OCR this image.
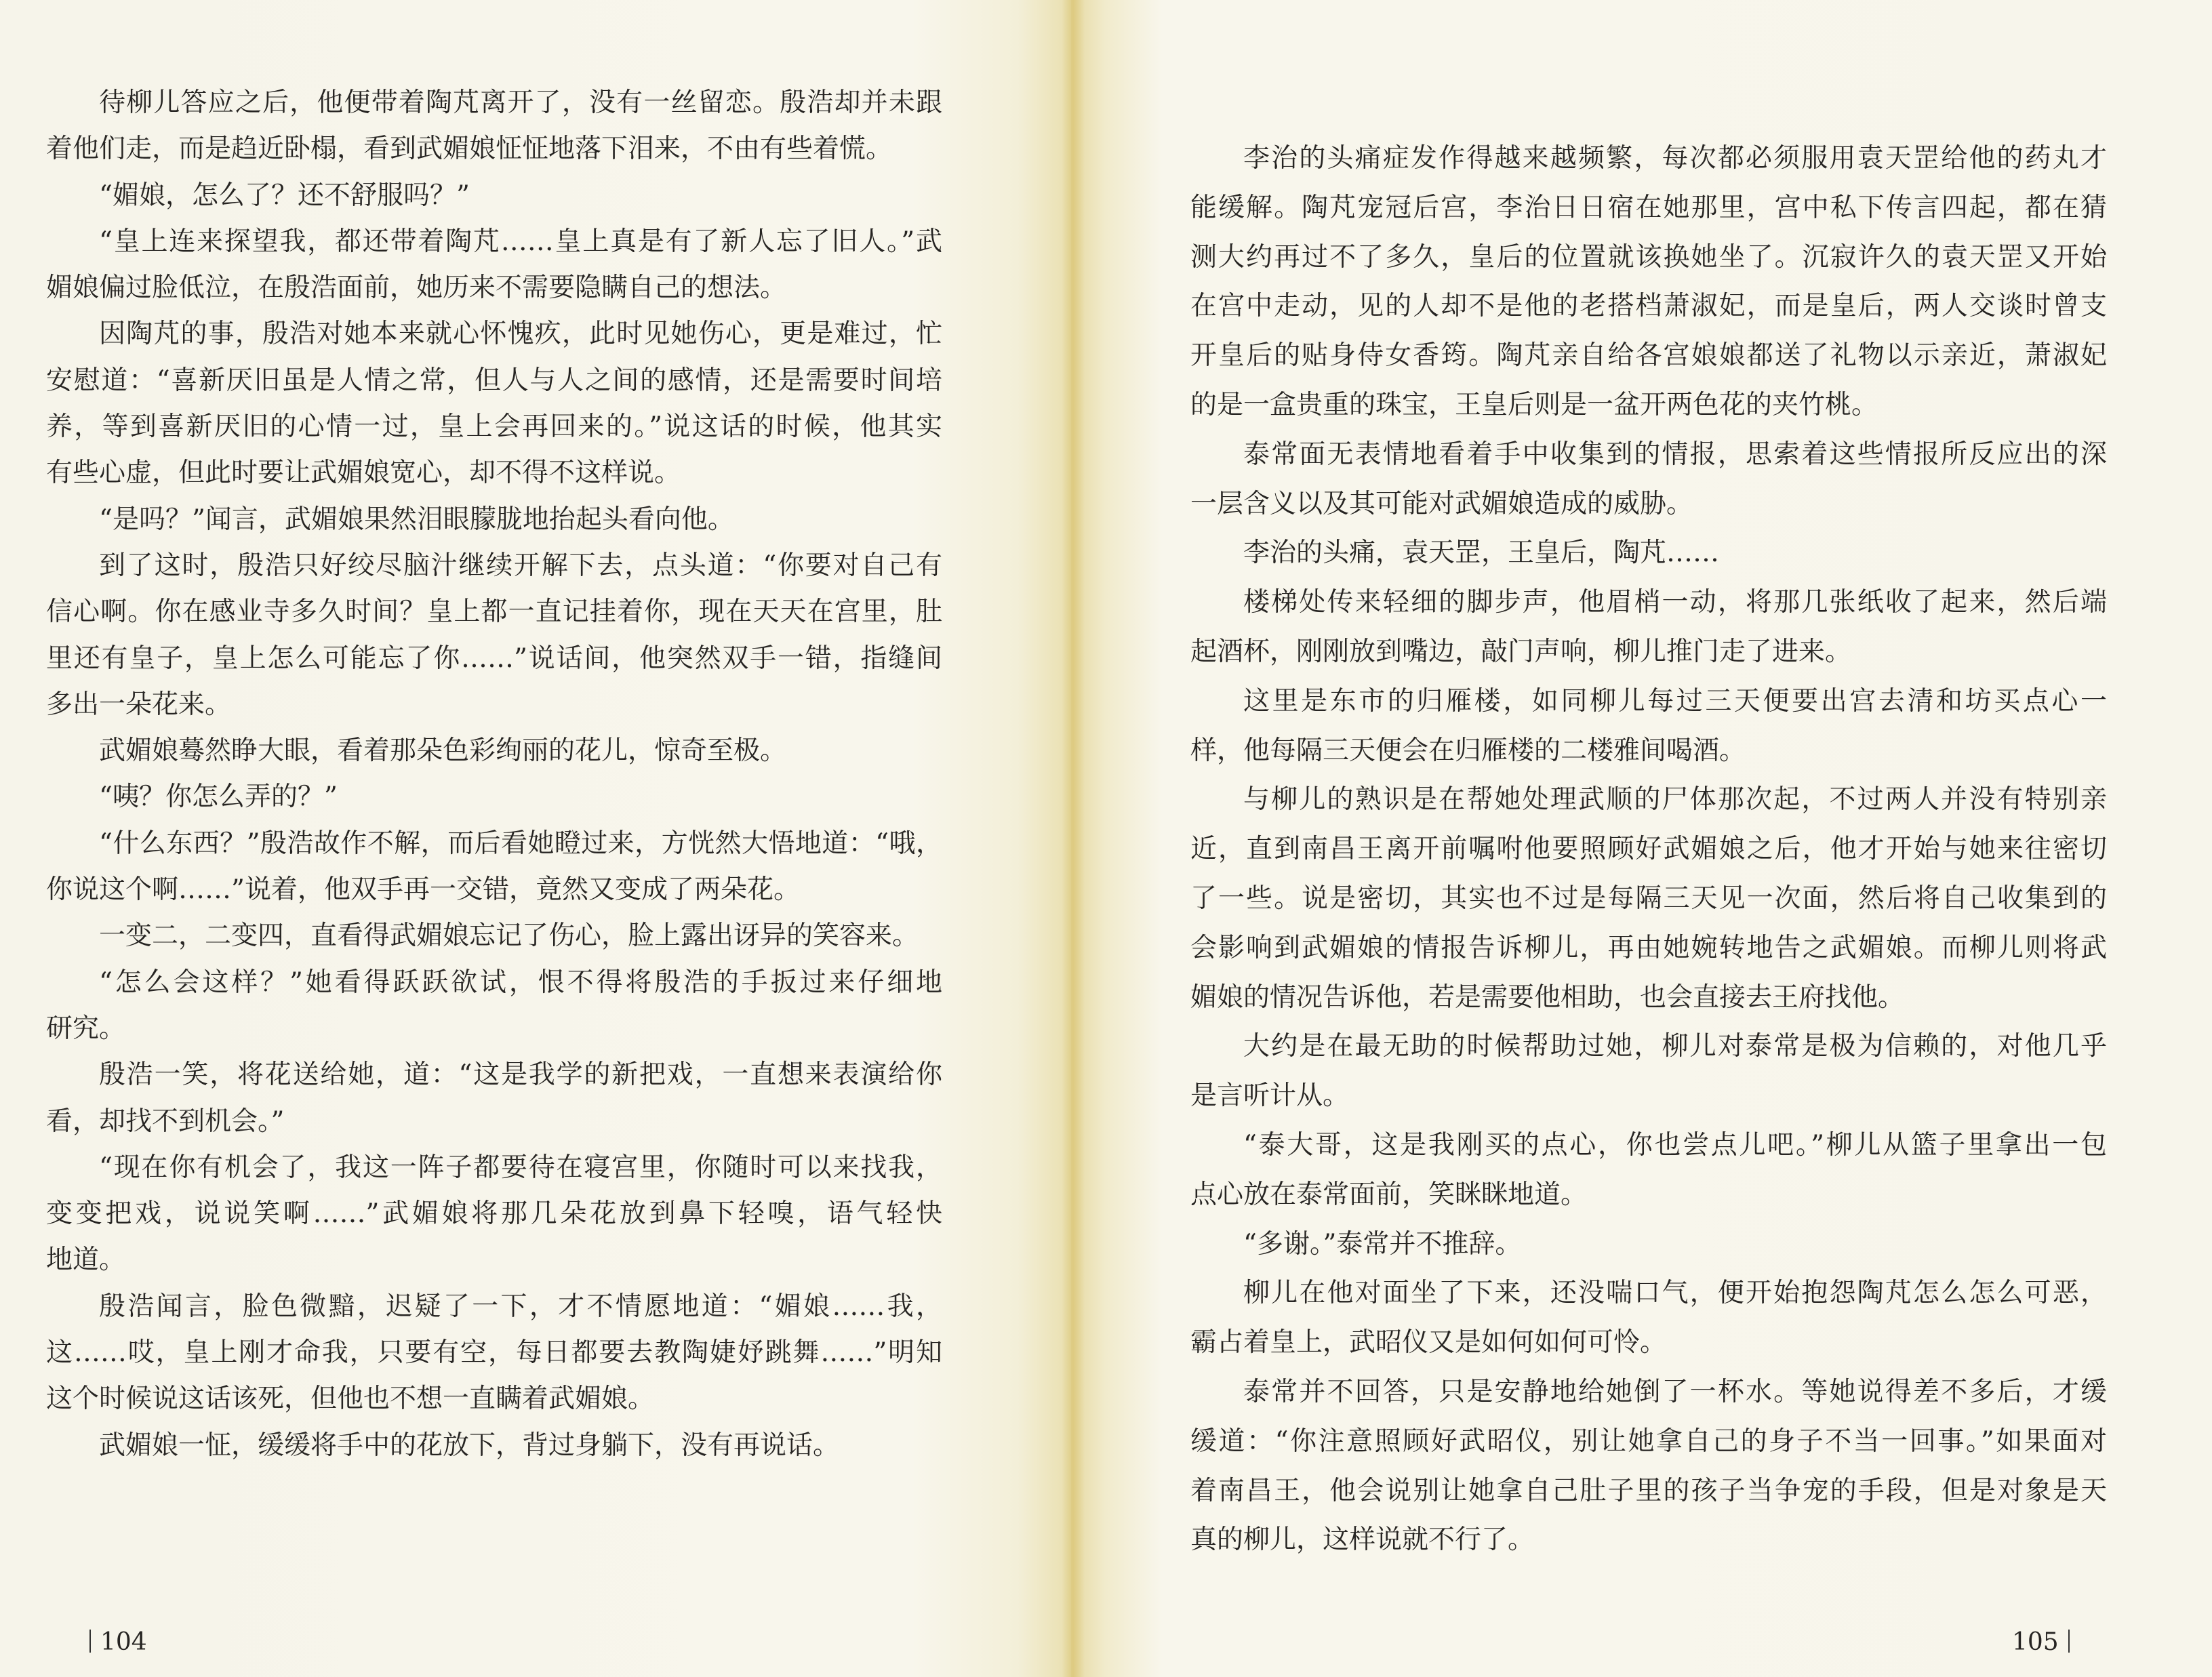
待柳儿答应之后，他便带着陶芃离开了，没有一丝留恋。殷浩却并未跟
着他们走，而是趋近卧榻，看到武媚娘怔怔地落下泪来，不由有些着慌。
“媚娘，怎么了？还不舒服吗？”
“皇上连来探望我，都还带着陶芃……皇上真是有了新人忘了旧人。”武
媚娘偏过脸低泣，在殷浩面前，她历来不需要隐瞒自己的想法。
因陶芃的事，殷浩对她本来就心怀愧疚，此时见她伤心，更是难过，忙
安慰道：“喜新厌旧虽是人情之常，但人与人之间的感情，还是需要时间培
养，等到喜新厌旧的心情一过，皇上会再回来的。”说这话的时候，他其实
有些心虚，但此时要让武媚娘宽心，却不得不这样说。
“是吗？”闻言，武媚娘果然泪眼朦胧地抬起头看向他。
到了这时，殷浩只好绞尽脑汁继续开解下去，点头道：“你要对自己有
信心啊。你在感业寺多久时间？皇上都一直记挂着你，现在天天在宫里，肚
里还有皇子，皇上怎么可能忘了你……”说话间，他突然双手一错，指缝间
多出一朵花来。
武媚娘蓦然睁大眼，看着那朵色彩绚丽的花儿，惊奇至极。
“咦？你怎么弄的？”
“什么东西？”殷浩故作不解，而后看她瞪过来，方恍然大悟地道：“哦，
你说这个啊……”说着，他双手再一交错，竟然又变成了两朵花。
一变二，二变四，直看得武媚娘忘记了伤心，脸上露出讶异的笑容来。
“怎么会这样？”她看得跃跃欲试，恨不得将殷浩的手扳过来仔细地
研究。
殷浩一笑，将花送给她，道：“这是我学的新把戏，一直想来表演给你
看，却找不到机会。”
“现在你有机会了，我这一阵子都要待在寝宫里，你随时可以来找我，
变变把戏，说说笑啊……”武媚娘将那几朵花放到鼻下轻嗅，语气轻快
地道。
殷浩闻言，脸色微黯，迟疑了一下，才不情愿地道：“媚娘……我，
这……哎，皇上刚才命我，只要有空，每日都要去教陶婕妤跳舞……”明知
这个时候说这话该死，但他也不想一直瞒着武媚娘。
武媚娘一怔，缓缓将手中的花放下，背过身躺下，没有再说话。
李治的头痛症发作得越来越频繁，每次都必须服用袁天罡给他的药丸才
能缓解。陶芃宠冠后宫，李治日日宿在她那里，宫中私下传言四起，都在猜
测大约再过不了多久，皇后的位置就该换她坐了。沉寂许久的袁天罡又开始
在宫中走动，见的人却不是他的老搭档萧淑妃，而是皇后，两人交谈时曾支
开皇后的贴身侍女香筠。陶芃亲自给各宫娘娘都送了礼物以示亲近，萧淑妃
的是一盒贵重的珠宝，王皇后则是一盆开两色花的夹竹桃。
泰常面无表情地看着手中收集到的情报，思索着这些情报所反应出的深
一层含义以及其可能对武媚娘造成的威胁。
李治的头痛，袁天罡，王皇后，陶芃……
楼梯处传来轻细的脚步声，他眉梢一动，将那几张纸收了起来，然后端
起酒杯，刚刚放到嘴边，敲门声响，柳儿推门走了进来。
这里是东市的归雁楼，如同柳儿每过三天便要出宫去清和坊买点心一
样，他每隔三天便会在归雁楼的二楼雅间喝酒。
与柳儿的熟识是在帮她处理武顺的尸体那次起，不过两人并没有特别亲
近，直到南昌王离开前嘱咐他要照顾好武媚娘之后，他才开始与她来往密切
了一些。说是密切，其实也不过是每隔三天见一次面，然后将自己收集到的
会影响到武媚娘的情报告诉柳儿，再由她婉转地告之武媚娘。而柳儿则将武
媚娘的情况告诉他，若是需要他相助，也会直接去王府找他。
大约是在最无助的时候帮助过她，柳儿对泰常是极为信赖的，对他几乎
是言听计从。
“泰大哥，这是我刚买的点心，你也尝点儿吧。”柳儿从篮子里拿出一包
点心放在泰常面前，笑眯眯地道。
“多谢。”泰常并不推辞。
柳儿在他对面坐了下来，还没喘口气，便开始抱怨陶芃怎么怎么可恶，
霸占着皇上，武昭仪又是如何如何可怜。
泰常并不回答，只是安静地给她倒了一杯水。等她说得差不多后，才缓
缓道：“你注意照顾好武昭仪，别让她拿自己的身子不当一回事。”如果面对
着南昌王，他会说别让她拿自己肚子里的孩子当争宠的手段，但是对象是天
真的柳儿，这样说就不行了。
104	105
